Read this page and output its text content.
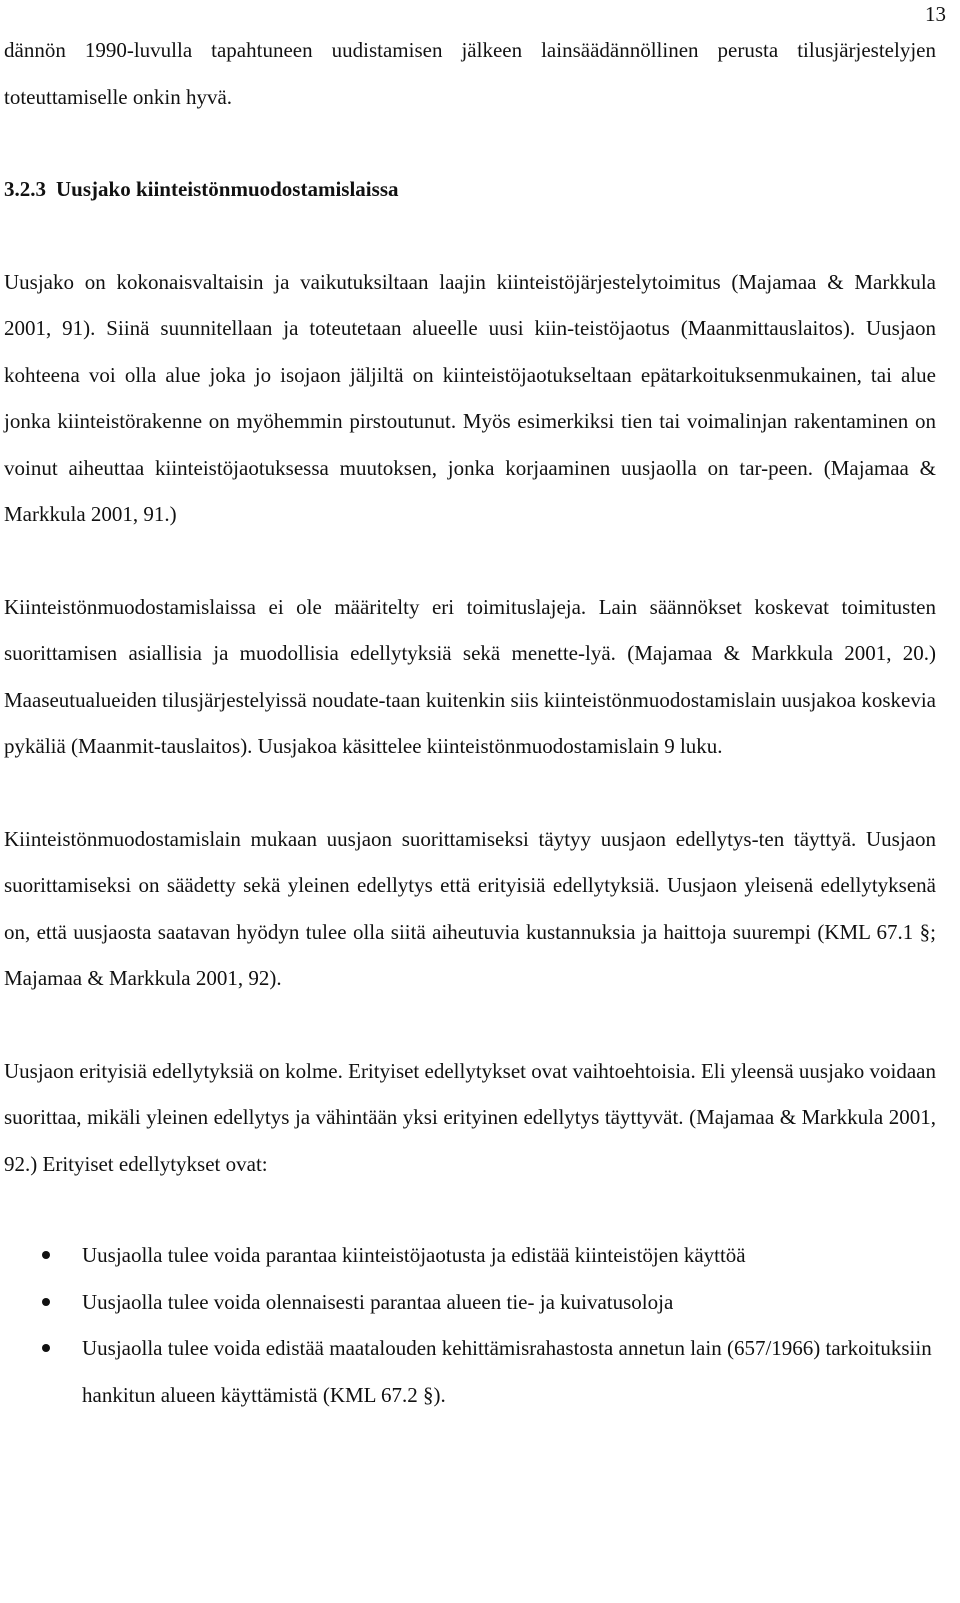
13

dännön 1990-luvulla tapahtuneen uudistamisen jälkeen lainsäädännöllinen perusta tilusjärjestelyjen toteuttamiselle onkin hyvä.

3.2.3 Uusjako kiinteistönmuodostamislaissa

Uusjako on kokonaisvaltaisin ja vaikutuksiltaan laajin kiinteistöjärjestelytoimitus (Majamaa & Markkula 2001, 91). Siinä suunnitellaan ja toteutetaan alueelle uusi kiin-teistöjaotus (Maanmittauslaitos). Uusjaon kohteena voi olla alue joka jo isojaon jäljiltä on kiinteistöjaotukseltaan epätarkoituksenmukainen, tai alue jonka kiinteistörakenne on myöhemmin pirstoutunut. Myös esimerkiksi tien tai voimalinjan rakentaminen on voinut aiheuttaa kiinteistöjaotuksessa muutoksen, jonka korjaaminen uusjaolla on tar-peen. (Majamaa & Markkula 2001, 91.)

Kiinteistönmuodostamislaissa ei ole määritelty eri toimituslajeja. Lain säännökset koskevat toimitusten suorittamisen asiallisia ja muodollisia edellytyksiä sekä menette-lyä. (Majamaa & Markkula 2001, 20.) Maaseutualueiden tilusjärjestelyissä noudate-taan kuitenkin siis kiinteistönmuodostamislain uusjakoa koskevia pykäliä (Maanmit-tauslaitos). Uusjakoa käsittelee kiinteistönmuodostamislain 9 luku.

Kiinteistönmuodostamislain mukaan uusjaon suorittamiseksi täytyy uusjaon edellytys-ten täyttyä. Uusjaon suorittamiseksi on säädetty sekä yleinen edellytys että erityisiä edellytyksiä. Uusjaon yleisenä edellytyksenä on, että uusjaosta saatavan hyödyn tulee olla siitä aiheutuvia kustannuksia ja haittoja suurempi (KML 67.1 §; Majamaa & Markkula 2001, 92).

Uusjaon erityisiä edellytyksiä on kolme. Erityiset edellytykset ovat vaihtoehtoisia. Eli yleensä uusjako voidaan suorittaa, mikäli yleinen edellytys ja vähintään yksi erityinen edellytys täyttyvät. (Majamaa & Markkula 2001, 92.) Erityiset edellytykset ovat:

Uusjaolla tulee voida parantaa kiinteistöjaotusta ja edistää kiinteistöjen käyttöä
Uusjaolla tulee voida olennaisesti parantaa alueen tie- ja kuivatusoloja
Uusjaolla tulee voida edistää maatalouden kehittämisrahastosta annetun lain (657/1966) tarkoituksiin hankitun alueen käyttämistä (KML 67.2 §).
